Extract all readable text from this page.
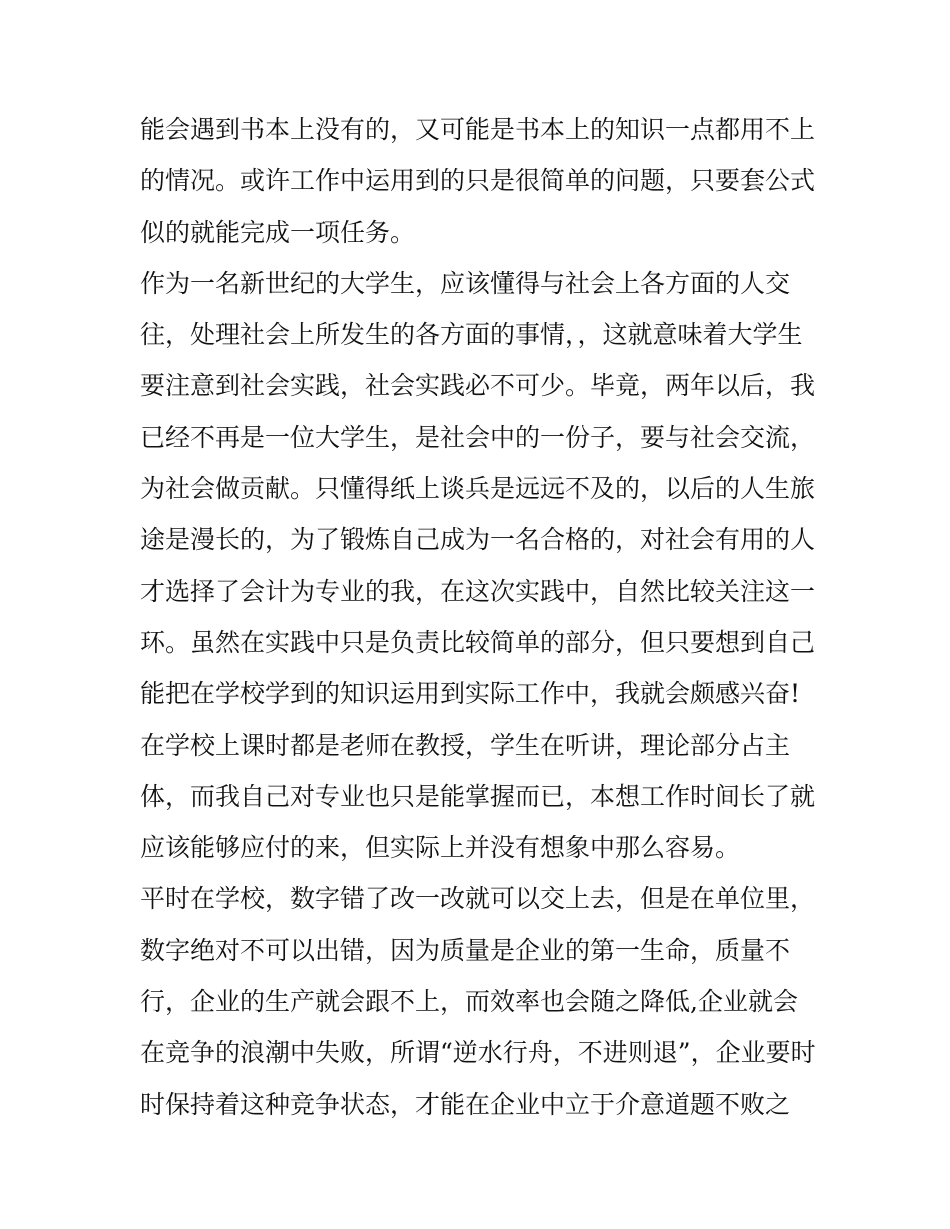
能会遇到书本上没有的，又可能是书本上的知识一点都用不上
的情况。或许工作中运用到的只是很简单的问题，只要套公式
似的就能完成一项任务。
作为一名新世纪的大学生，应该懂得与社会上各方面的人交
往，处理社会上所发生的各方面的事情，，这就意味着大学生
要注意到社会实践，社会实践必不可少。毕竟，两年以后，我
已经不再是一位大学生，是社会中的一份子，要与社会交流，
为社会做贡献。只懂得纸上谈兵是远远不及的，以后的人生旅
途是漫长的，为了锻炼自己成为一名合格的，对社会有用的人
才选择了会计为专业的我，在这次实践中，自然比较关注这一
环。虽然在实践中只是负责比较简单的部分，但只要想到自己
能把在学校学到的知识运用到实际工作中，我就会颇感兴奋!
在学校上课时都是老师在教授，学生在听讲，理论部分占主
体，而我自己对专业也只是能掌握而已，本想工作时间长了就
应该能够应付的来，但实际上并没有想象中那么容易。
平时在学校，数字错了改一改就可以交上去，但是在单位里，
数字绝对不可以出错，因为质量是企业的第一生命，质量不
行，企业的生产就会跟不上，而效率也会随之降低,企业就会
在竞争的浪潮中失败，所谓“逆水行舟，不进则退”，企业要时
时保持着这种竞争状态，才能在企业中立于介意道题不败之
